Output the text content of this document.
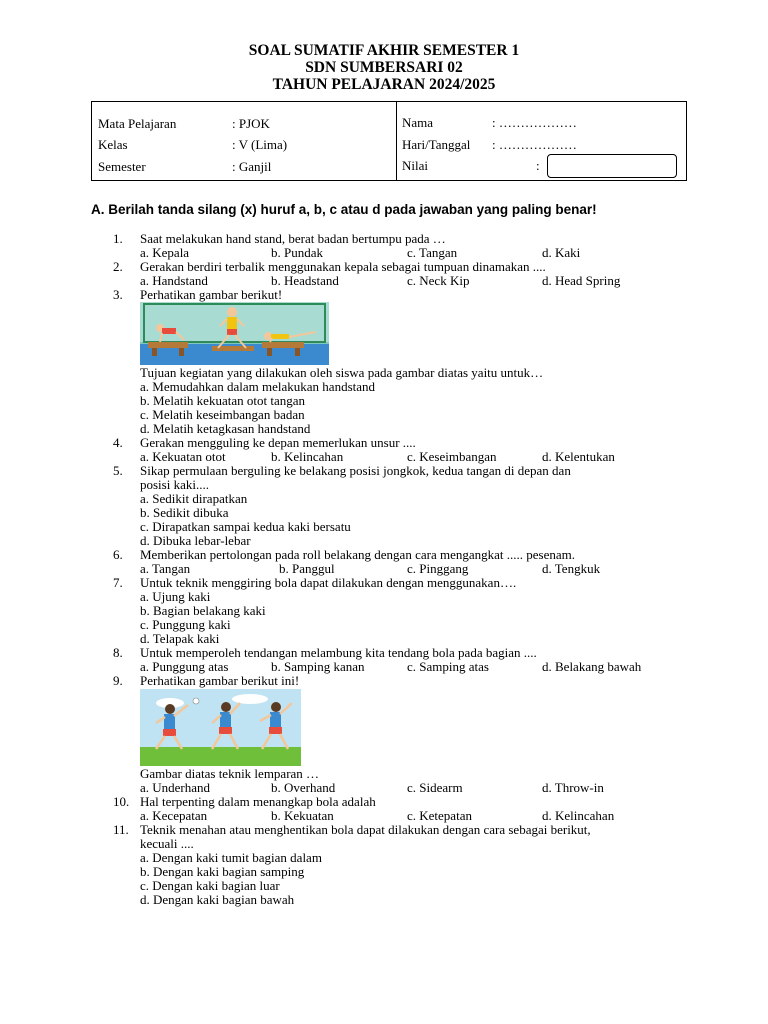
SOAL SUMATIF AKHIR SEMESTER 1
SDN SUMBERSARI 02
TAHUN PELAJARAN 2024/2025
Mata Pelajaran	: PJOK
Kelas	: V (Lima)
Semester	: Ganjil
Nama	: ………………
Hari/Tanggal : ………………
Nilai	:
A. Berilah tanda silang (x) huruf a, b, c atau d pada jawaban yang paling benar!
1. Saat melakukan hand stand, berat badan bertumpu pada …
a. Kepala	b. Pundak	c. Tangan	d. Kaki
2. Gerakan berdiri terbalik menggunakan kepala sebagai tumpuan dinamakan ....
a. Handstand	b. Headstand	c. Neck Kip	d. Head Spring
3. Perhatikan gambar berikut!
Tujuan kegiatan yang dilakukan oleh siswa pada gambar diatas yaitu untuk…
a. Memudahkan dalam melakukan handstand
b. Melatih kekuatan otot tangan
c. Melatih keseimbangan badan
d. Melatih ketagkasan handstand
4. Gerakan mengguling ke depan memerlukan unsur ....
a. Kekuatan otot	b. Kelincahan	c. Keseimbangan	d. Kelentukan
5. Sikap permulaan berguling ke belakang posisi jongkok, kedua tangan di depan dan
posisi kaki....
a. Sedikit dirapatkan
b. Sedikit dibuka
c. Dirapatkan sampai kedua kaki bersatu
d. Dibuka lebar-lebar
6. Memberikan pertolongan pada roll belakang dengan cara mengangkat ..... pesenam.
a. Tangan	b. Panggul	c. Pinggang	d. Tengkuk
7. Untuk teknik menggiring bola dapat dilakukan dengan menggunakan….
a. Ujung kaki
b. Bagian belakang kaki
c. Punggung kaki
d. Telapak kaki
8. Untuk memperoleh tendangan melambung kita tendang bola pada bagian ....
a. Punggung atas	b. Samping kanan	c. Samping atas	d. Belakang bawah
9. Perhatikan gambar berikut ini!
Gambar diatas teknik lemparan …
a. Underhand	b. Overhand	c. Sidearm	d. Throw-in
10. Hal terpenting dalam menangkap bola adalah
a. Kecepatan	b. Kekuatan	c. Ketepatan	d. Kelincahan
11. Teknik menahan atau menghentikan bola dapat dilakukan dengan cara sebagai berikut,
kecuali ....
a. Dengan kaki tumit bagian dalam
b. Dengan kaki bagian samping
c. Dengan kaki bagian luar
d. Dengan kaki bagian bawah
